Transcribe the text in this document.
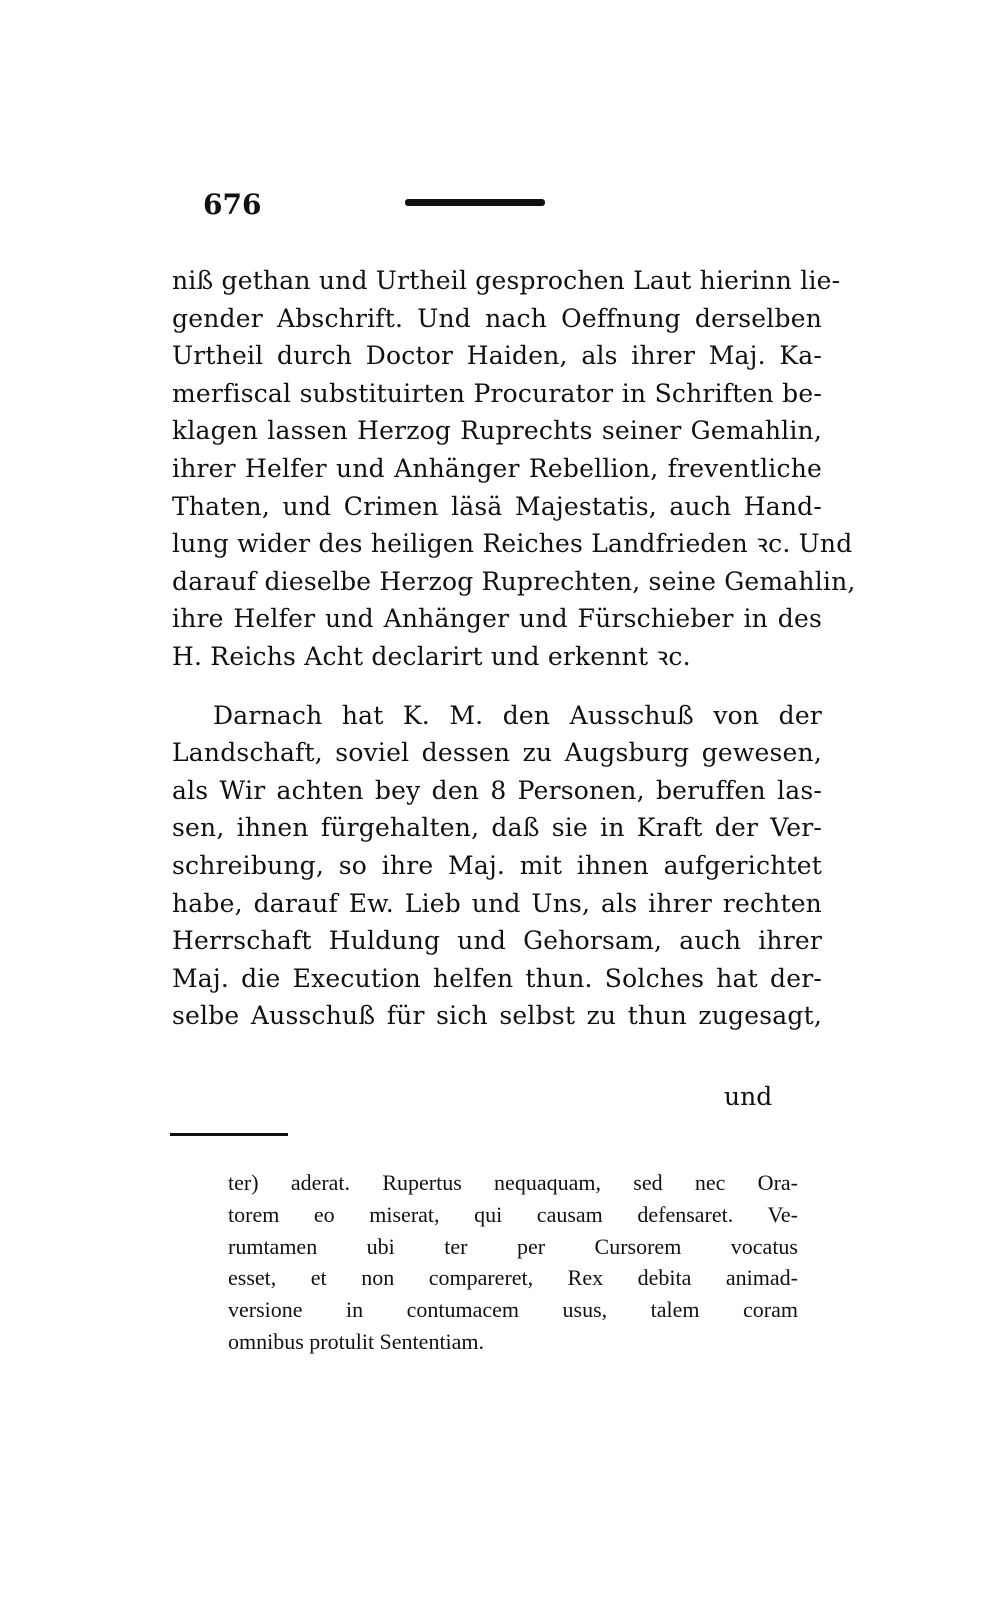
676
niß gethan und Urtheil gesprochen Laut hierinn lie-
gender Abschrift. Und nach Oeffnung derselben
Urtheil durch Doctor Haiden, als ihrer Maj. Ka-
merfiscal substituirten Procurator in Schriften be-
klagen lassen Herzog Ruprechts seiner Gemahlin,
ihrer Helfer und Anhänger Rebellion, freventliche
Thaten, und Crimen läsä Majestatis, auch Hand-
lung wider des heiligen Reiches Landfrieden ꝛc. Und
darauf dieselbe Herzog Ruprechten, seine Gemahlin,
ihre Helfer und Anhänger und Fürschieber in des
H. Reichs Acht declarirt und erkennt ꝛc.
Darnach hat K. M. den Ausschuß von der
Landschaft, soviel dessen zu Augsburg gewesen,
als Wir achten bey den 8 Personen, beruffen las-
sen, ihnen fürgehalten, daß sie in Kraft der Ver-
schreibung, so ihre Maj. mit ihnen aufgerichtet
habe, darauf Ew. Lieb und Uns, als ihrer rechten
Herrschaft Huldung und Gehorsam, auch ihrer
Maj. die Execution helfen thun. Solches hat der-
selbe Ausschuß für sich selbst zu thun zugesagt,
und
ter) aderat. Rupertus nequaquam, sed nec Ora-
torem eo miserat, qui causam defensaret. Ve-
rumtamen ubi ter per Cursorem vocatus
esset, et non compareret, Rex debita animad-
versione in contumacem usus, talem coram
omnibus protulit Sententiam.
